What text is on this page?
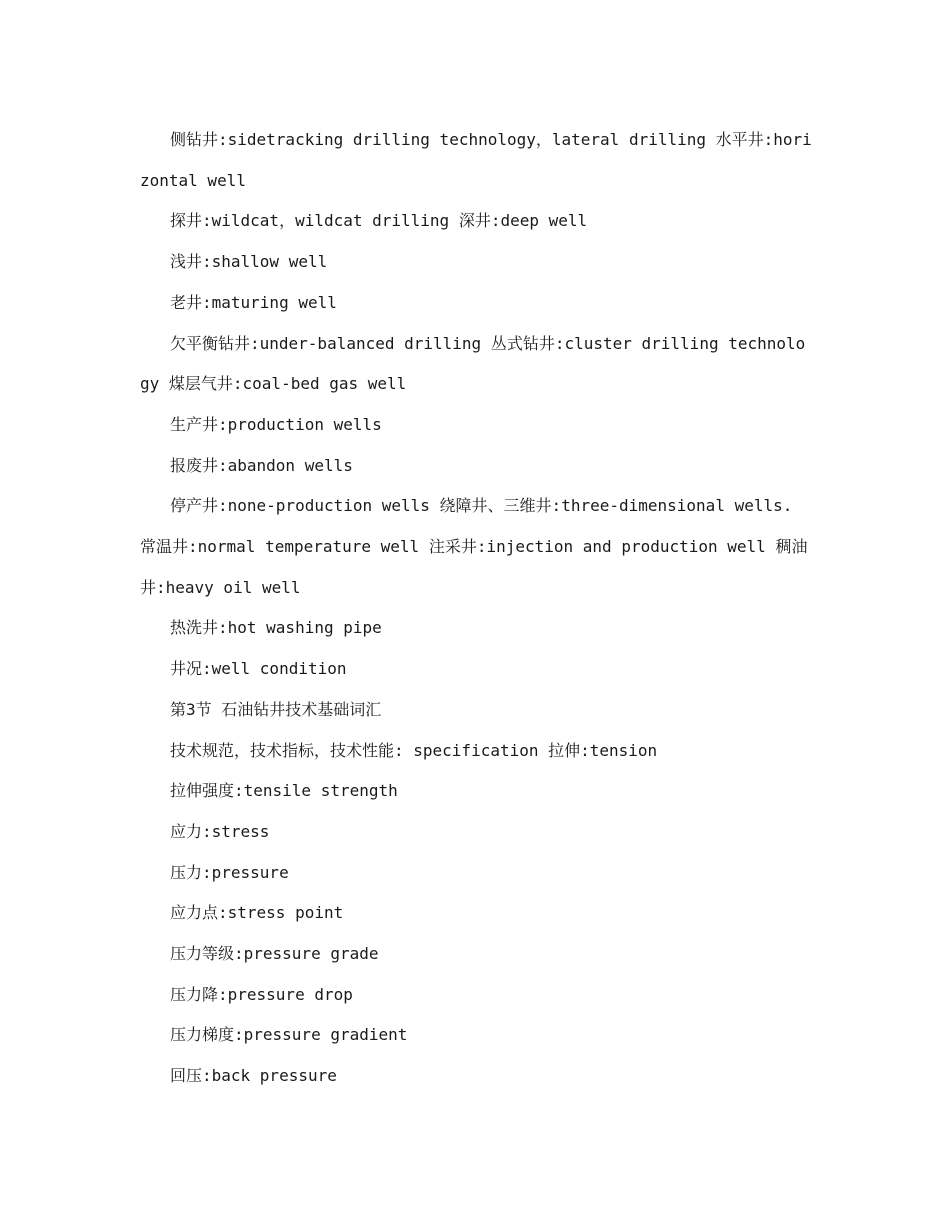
侧钻井:sidetracking drilling technology，lateral drilling 水平井:horizontal well

探井:wildcat，wildcat drilling 深井:deep well

浅井:shallow well

老井:maturing well

欠平衡钻井:under-balanced drilling 丛式钻井:cluster drilling technology 煤层气井:coal-bed gas well

生产井:production wells

报废井:abandon wells

停产井:none-production wells 绕障井、三维井:three-dimensional wells. 常温井:normal temperature well 注采井:injection and production well 稠油井:heavy oil well

热洗井:hot washing pipe

井况:well condition

第3节 石油钻井技术基础词汇

技术规范，技术指标，技术性能: specification 拉伸:tension

拉伸强度:tensile strength

应力:stress

压力:pressure

应力点:stress point

压力等级:pressure grade

压力降:pressure drop

压力梯度:pressure gradient

回压:back pressure
